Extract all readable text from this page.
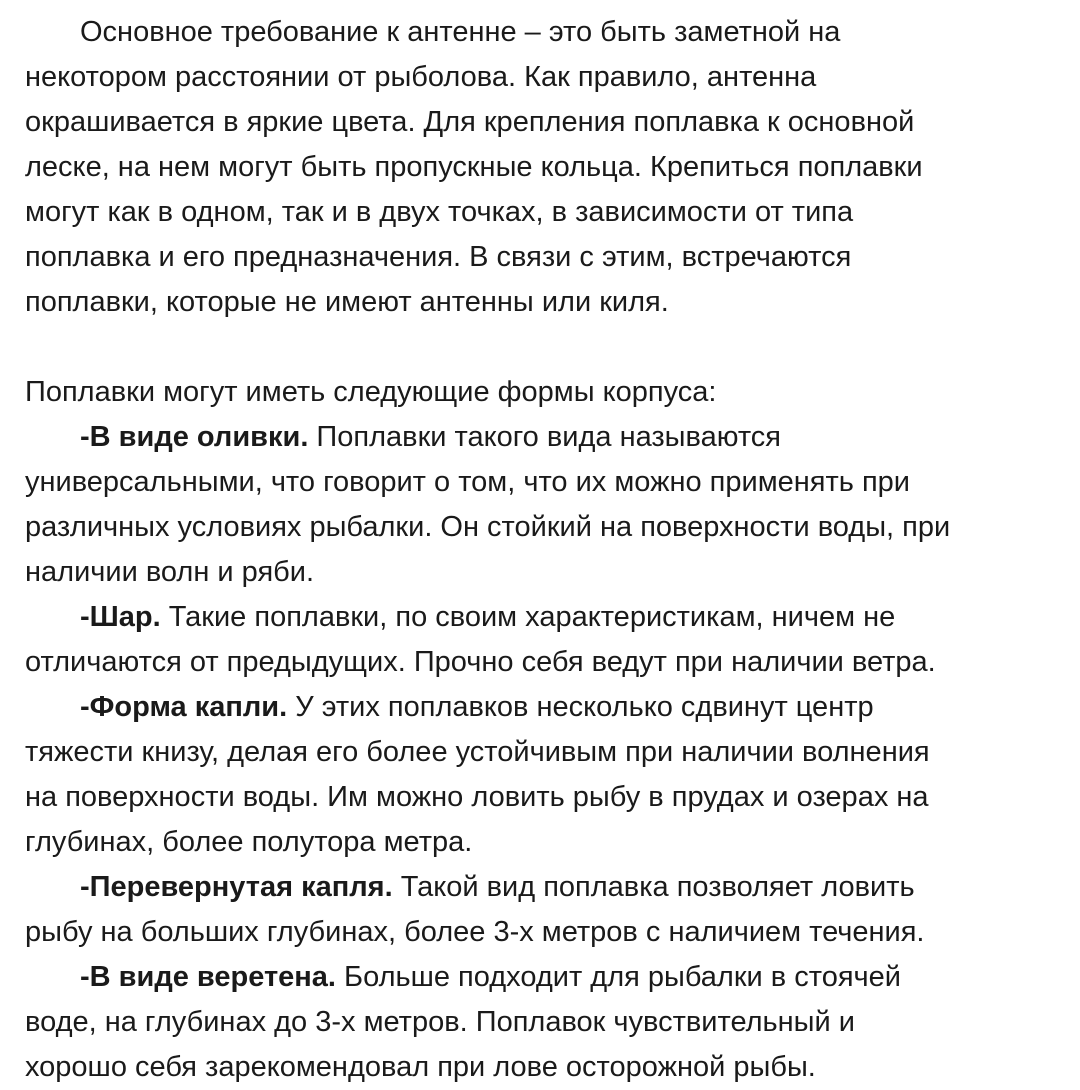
Основное требование к антенне – это быть заметной на
некотором расстоянии от рыболова. Как правило, антенна
окрашивается в яркие цвета. Для крепления поплавка к основной
леске, на нем могут быть пропускные кольца. Крепиться поплавки
могут как в одном, так и в двух точках, в зависимости от типа
поплавка и его предназначения. В связи с этим, встречаются
поплавки, которые не имеют антенны или киля.
Поплавки могут иметь следующие формы корпуса:
-В виде оливки. Поплавки такого вида называются
универсальными, что говорит о том, что их можно применять при
различных условиях рыбалки. Он стойкий на поверхности воды, при
наличии волн и ряби.
-Шар. Такие поплавки, по своим характеристикам, ничем не
отличаются от предыдущих. Прочно себя ведут при наличии ветра.
-Форма капли. У этих поплавков несколько сдвинут центр
тяжести книзу, делая его более устойчивым при наличии волнения
на поверхности воды. Им можно ловить рыбу в прудах и озерах на
глубинах, более полутора метра.
-Перевернутая капля. Такой вид поплавка позволяет ловить
рыбу на больших глубинах, более 3-х метров с наличием течения.
-В виде веретена. Больше подходит для рыбалки в стоячей
воде, на глубинах до 3-х метров. Поплавок чувствительный и
хорошо себя зарекомендовал при лове осторожной рыбы.
